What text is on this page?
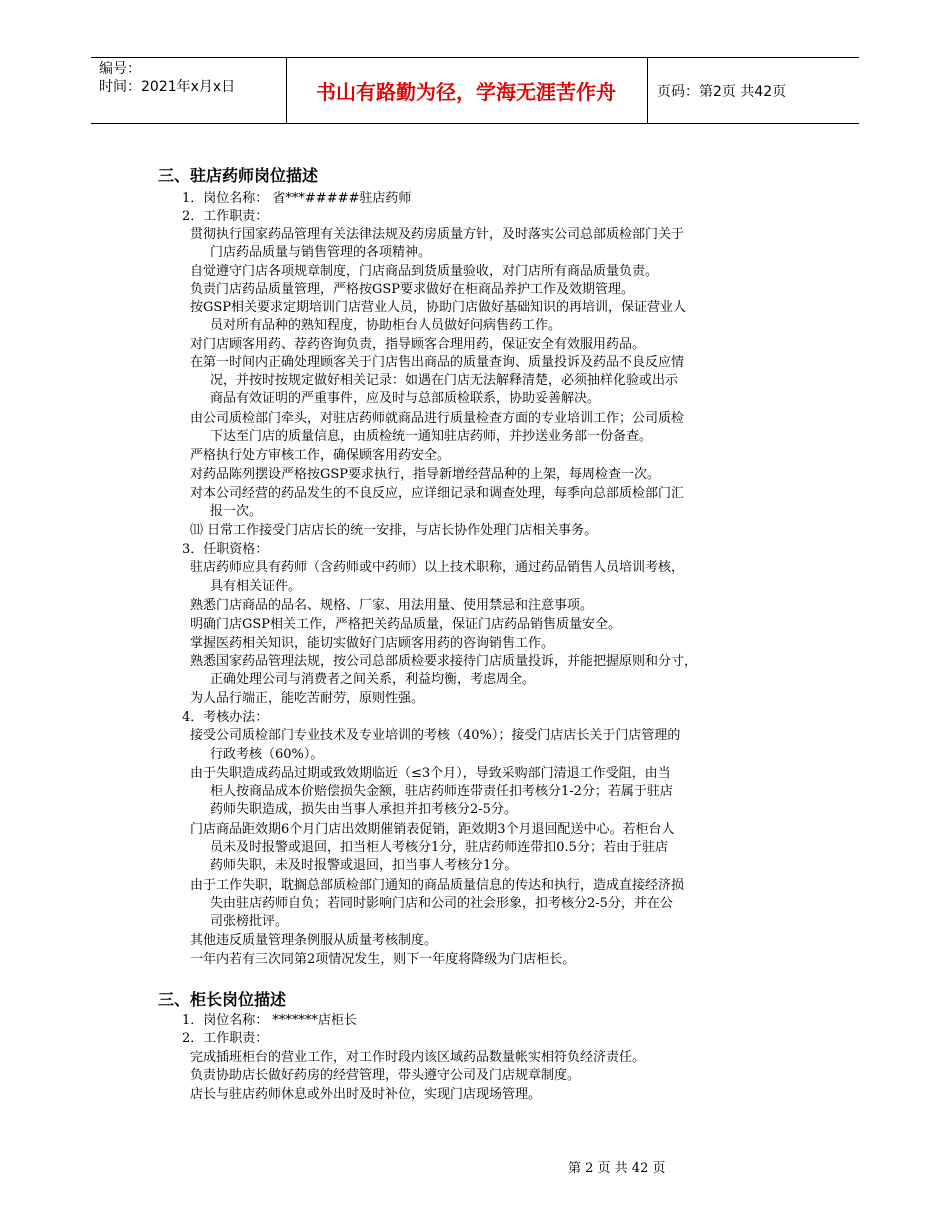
编号：
时间：2021年x月x日	书山有路勤为径，学海无涯苦作舟	页码：第2页 共42页
三、驻店药师岗位描述
1．岗位名称： 省***#####驻店药师
2．工作职责：
贯彻执行国家药品管理有关法律法规及药房质量方针，及时落实公司总部质检部门关于
门店药品质量与销售管理的各项精神。
自觉遵守门店各项规章制度，门店商品到货质量验收，对门店所有商品质量负责。
负责门店药品质量管理，严格按GSP要求做好在柜商品养护工作及效期管理。
按GSP相关要求定期培训门店营业人员，协助门店做好基础知识的再培训，保证营业人
员对所有品种的熟知程度，协助柜台人员做好问病售药工作。
对门店顾客用药、荐药咨询负责，指导顾客合理用药，保证安全有效服用药品。
在第一时间内正确处理顾客关于门店售出商品的质量查询、质量投诉及药品不良反应情
况，并按时按规定做好相关记录：如遇在门店无法解释清楚，必须抽样化验或出示
商品有效证明的严重事件，应及时与总部质检联系，协助妥善解决。
由公司质检部门牵头，对驻店药师就商品进行质量检查方面的专业培训工作；公司质检
下达至门店的质量信息，由质检统一通知驻店药师，并抄送业务部一份备查。
严格执行处方审核工作，确保顾客用药安全。
对药品陈列摆设严格按GSP要求执行，指导新增经营品种的上架，每周检查一次。
对本公司经营的药品发生的不良反应，应详细记录和调查处理，每季向总部质检部门汇
报一次。
⑾ 日常工作接受门店店长的统一安排，与店长协作处理门店相关事务。
3．任职资格：
驻店药师应具有药师（含药师或中药师）以上技术职称，通过药品销售人员培训考核，
具有相关证件。
熟悉门店商品的品名、规格、厂家、用法用量、使用禁忌和注意事项。
明确门店GSP相关工作，严格把关药品质量，保证门店药品销售质量安全。
掌握医药相关知识，能切实做好门店顾客用药的咨询销售工作。
熟悉国家药品管理法规，按公司总部质检要求接待门店质量投诉，并能把握原则和分寸，
正确处理公司与消费者之间关系，利益均衡，考虑周全。
为人品行端正，能吃苦耐劳，原则性强。
4．考核办法：
接受公司质检部门专业技术及专业培训的考核（40%）；接受门店店长关于门店管理的
行政考核（60%）。
由于失职造成药品过期或致效期临近（≤3个月），导致采购部门清退工作受阻，由当
柜人按商品成本价赔偿损失金额，驻店药师连带责任扣考核分1-2分；若属于驻店
药师失职造成，损失由当事人承担并扣考核分2-5分。
门店商品距效期6个月门店出效期催销表促销，距效期3个月退回配送中心。若柜台人
员未及时报警或退回，扣当柜人考核分1分，驻店药师连带扣0.5分；若由于驻店
药师失职，未及时报警或退回，扣当事人考核分1分。
由于工作失职，耽搁总部质检部门通知的商品质量信息的传达和执行，造成直接经济损
失由驻店药师自负；若同时影响门店和公司的社会形象，扣考核分2-5分，并在公
司张榜批评。
其他违反质量管理条例服从质量考核制度。
一年内若有三次同第2项情况发生，则下一年度将降级为门店柜长。
三、柜长岗位描述
1．岗位名称： *******店柜长
2．工作职责：
完成插班柜台的营业工作，对工作时段内该区域药品数量帐实相符负经济责任。
负责协助店长做好药房的经营管理，带头遵守公司及门店规章制度。
店长与驻店药师休息或外出时及时补位，实现门店现场管理。
第 2 页 共 42 页
